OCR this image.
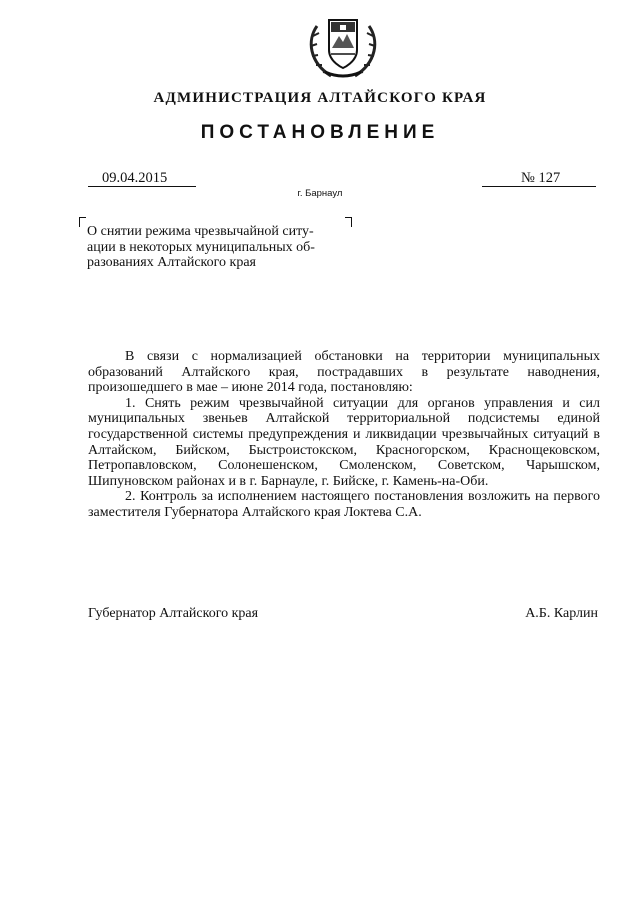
АДМИНИСТРАЦИЯ АЛТАЙСКОГО КРАЯ
ПОСТАНОВЛЕНИЕ
09.04.2015	№ 127
г. Барнаул
О снятии режима чрезвычайной ситу-
ации в некоторых муниципальных об-
разованиях Алтайского края

В связи с нормализацией обстановки на территории муниципальных образований Алтайского края, пострадавших в результате наводнения, произошедшего в мае – июне 2014 года, постановляю:

1. Снять режим чрезвычайной ситуации для органов управления и сил муниципальных звеньев Алтайской территориальной подсистемы единой государственной системы предупреждения и ликвидации чрезвычайных ситуаций в Алтайском, Бийском, Быстроистокском, Красногорском, Краснощековском, Петропавловском, Солонешенском, Смоленском, Советском, Чарышском, Шипуновском районах и в г. Барнауле, г. Бийске, г. Камень-на-Оби.

2. Контроль за исполнением настоящего постановления возложить на первого заместителя Губернатора Алтайского края Локтева С.А.

Губернатор Алтайского края	А.Б. Карлин
